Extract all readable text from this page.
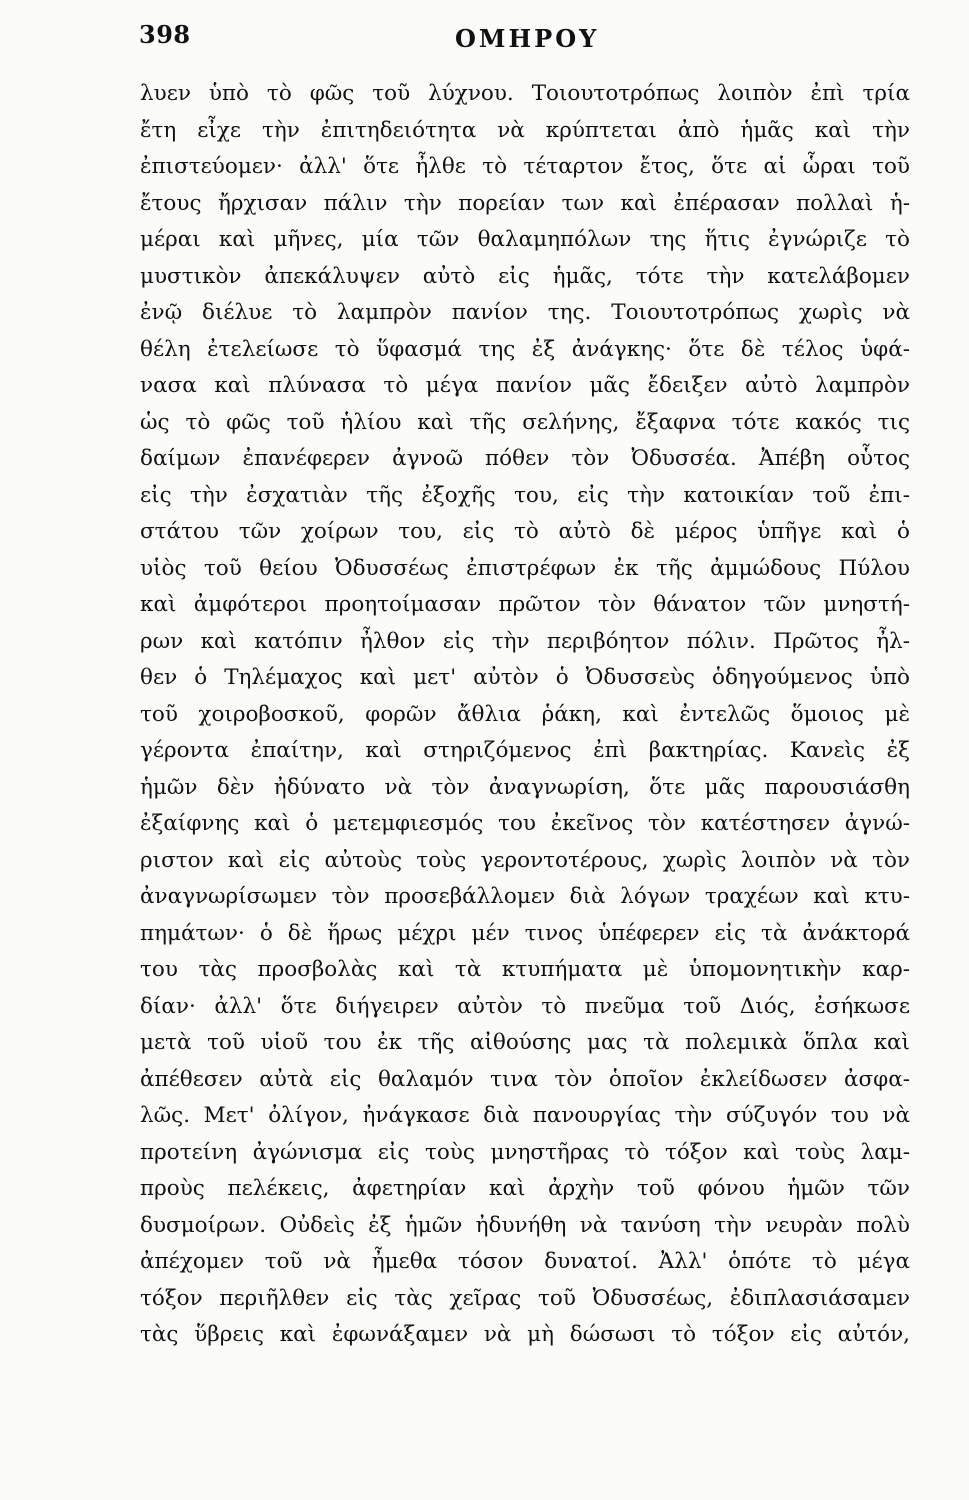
398	ΟΜΗΡΟΥ
λυεν ὑπὸ τὸ φῶς τοῦ λύχνου. Τοιουτοτρόπως λοιπὸν ἐπὶ τρία
ἔτη εἶχε τὴν ἐπιτηδειότητα νὰ κρύπτεται ἀπὸ ἡμᾶς καὶ τὴν
ἐπιστεύομεν· ἀλλ' ὅτε ἦλθε τὸ τέταρτον ἔτος, ὅτε αἱ ὧραι τοῦ
ἔτους ἤρχισαν πάλιν τὴν πορείαν των καὶ ἐπέρασαν πολλαὶ ἡ-
μέραι καὶ μῆνες, μία τῶν θαλαμηπόλων της ἥτις ἐγνώριζε τὸ
μυστικὸν ἀπεκάλυψεν αὐτὸ εἰς ἡμᾶς, τότε τὴν κατελάβομεν
ἐνῷ διέλυε τὸ λαμπρὸν πανίον της. Τοιουτοτρόπως χωρὶς νὰ
θέλη ἐτελείωσε τὸ ὕφασμά της ἐξ ἀνάγκης· ὅτε δὲ τέλος ὑφά-
νασα καὶ πλύνασα τὸ μέγα πανίον μᾶς ἔδειξεν αὐτὸ λαμπρὸν
ὡς τὸ φῶς τοῦ ἡλίου καὶ τῆς σελήνης, ἔξαφνα τότε κακός τις
δαίμων ἐπανέφερεν ἀγνοῶ πόθεν τὸν Ὀδυσσέα. Ἀπέβη οὗτος
εἰς τὴν ἐσχατιὰν τῆς ἐξοχῆς του, εἰς τὴν κατοικίαν τοῦ ἐπι-
στάτου τῶν χοίρων του, εἰς τὸ αὐτὸ δὲ μέρος ὑπῆγε καὶ ὁ
υἱὸς τοῦ θείου Ὀδυσσέως ἐπιστρέφων ἐκ τῆς ἀμμώδους Πύλου
καὶ ἀμφότεροι προητοίμασαν πρῶτον τὸν θάνατον τῶν μνηστή-
ρων καὶ κατόπιν ἦλθον εἰς τὴν περιβόητον πόλιν. Πρῶτος ἦλ-
θεν ὁ Τηλέμαχος καὶ μετ' αὐτὸν ὁ Ὀδυσσεὺς ὁδηγούμενος ὑπὸ
τοῦ χοιροβοσκοῦ, φορῶν ἄθλια ῥάκη, καὶ ἐντελῶς ὅμοιος μὲ
γέροντα ἐπαίτην, καὶ στηριζόμενος ἐπὶ βακτηρίας. Κανεὶς ἐξ
ἡμῶν δὲν ἠδύνατο νὰ τὸν ἀναγνωρίση, ὅτε μᾶς παρουσιάσθη
ἐξαίφνης καὶ ὁ μετεμφιεσμός του ἐκεῖνος τὸν κατέστησεν ἀγνώ-
ριστον καὶ εἰς αὐτοὺς τοὺς γεροντοτέρους, χωρὶς λοιπὸν νὰ τὸν
ἀναγνωρίσωμεν τὸν προσεβάλλομεν διὰ λόγων τραχέων καὶ κτυ-
πημάτων· ὁ δὲ ἥρως μέχρι μέν τινος ὑπέφερεν εἰς τὰ ἀνάκτορά
του τὰς προσβολὰς καὶ τὰ κτυπήματα μὲ ὑπομονητικὴν καρ-
δίαν· ἀλλ' ὅτε διήγειρεν αὐτὸν τὸ πνεῦμα τοῦ Διός, ἐσήκωσε
μετὰ τοῦ υἱοῦ του ἐκ τῆς αἰθούσης μας τὰ πολεμικὰ ὅπλα καὶ
ἀπέθεσεν αὐτὰ εἰς θαλαμόν τινα τὸν ὁποῖον ἐκλείδωσεν ἀσφα-
λῶς. Μετ' ὀλίγον, ἠνάγκασε διὰ πανουργίας τὴν σύζυγόν του νὰ
προτείνη ἀγώνισμα εἰς τοὺς μνηστῆρας τὸ τόξον καὶ τοὺς λαμ-
προὺς πελέκεις, ἀφετηρίαν καὶ ἀρχὴν τοῦ φόνου ἡμῶν τῶν
δυσμοίρων. Οὐδεὶς ἐξ ἡμῶν ἠδυνήθη νὰ τανύση τὴν νευρὰν πολὺ
ἀπέχομεν τοῦ νὰ ἦμεθα τόσον δυνατοί. Ἀλλ' ὁπότε τὸ μέγα
τόξον περιῆλθεν εἰς τὰς χεῖρας τοῦ Ὀδυσσέως, ἐδιπλασιάσαμεν
τὰς ὕβρεις καὶ ἐφωνάξαμεν νὰ μὴ δώσωσι τὸ τόξον εἰς αὐτόν,
